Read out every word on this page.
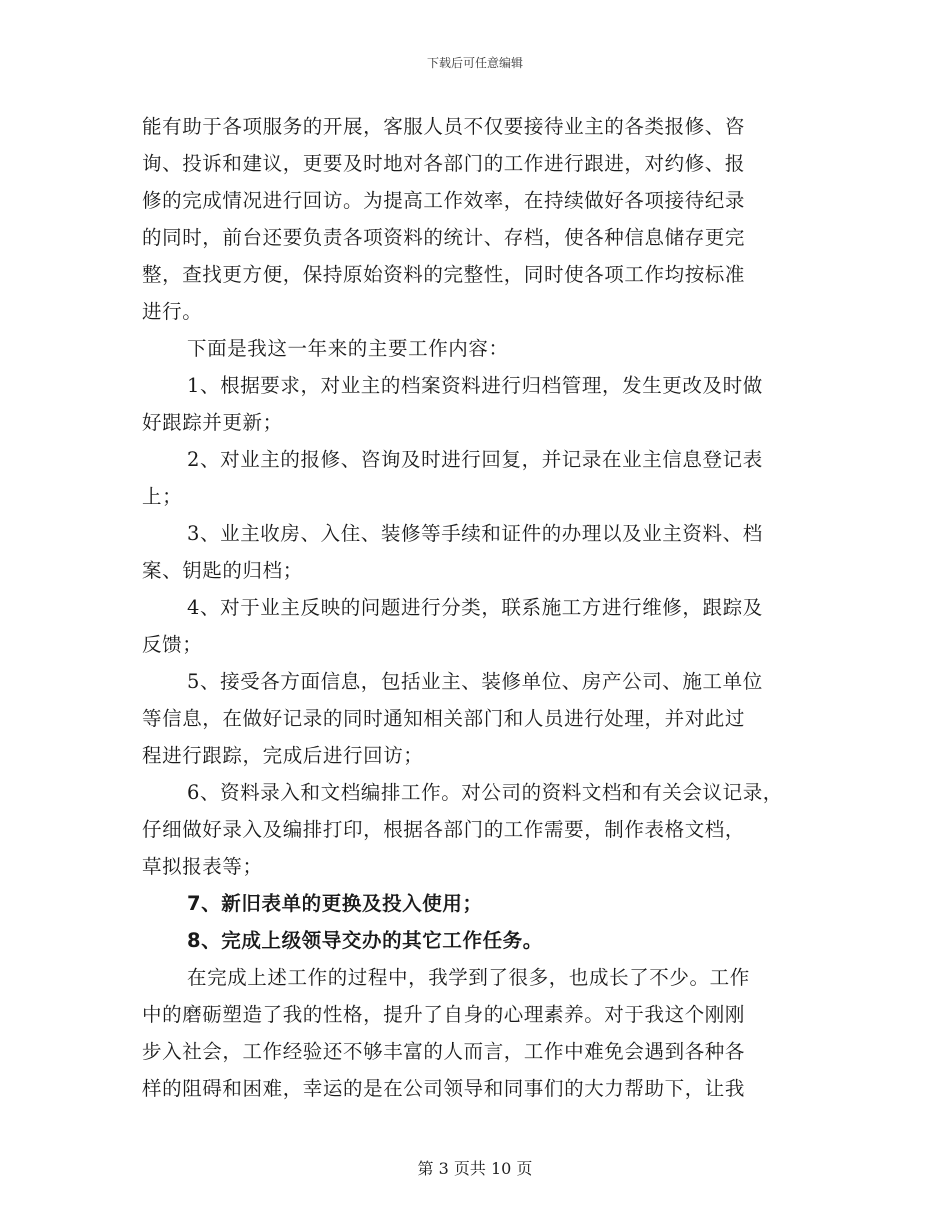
下载后可任意编辑
能有助于各项服务的开展，客服人员不仅要接待业主的各类报修、咨
询、投诉和建议，更要及时地对各部门的工作进行跟进，对约修、报
修的完成情况进行回访。为提高工作效率，在持续做好各项接待纪录
的同时，前台还要负责各项资料的统计、存档，使各种信息储存更完
整，查找更方便，保持原始资料的完整性，同时使各项工作均按标准
进行。
下面是我这一年来的主要工作内容：
1、根据要求，对业主的档案资料进行归档管理，发生更改及时做
好跟踪并更新；
2、对业主的报修、咨询及时进行回复，并记录在业主信息登记表
上；
3、业主收房、入住、装修等手续和证件的办理以及业主资料、档
案、钥匙的归档；
4、对于业主反映的问题进行分类，联系施工方进行维修，跟踪及
反馈；
5、接受各方面信息，包括业主、装修单位、房产公司、施工单位
等信息，在做好记录的同时通知相关部门和人员进行处理，并对此过
程进行跟踪，完成后进行回访；
6、资料录入和文档编排工作。对公司的资料文档和有关会议记录，
仔细做好录入及编排打印，根据各部门的工作需要，制作表格文档，
草拟报表等；
7、新旧表单的更换及投入使用；
8、完成上级领导交办的其它工作任务。
在完成上述工作的过程中，我学到了很多，也成长了不少。工作
中的磨砺塑造了我的性格，提升了自身的心理素养。对于我这个刚刚
步入社会，工作经验还不够丰富的人而言，工作中难免会遇到各种各
样的阻碍和困难，幸运的是在公司领导和同事们的大力帮助下，让我
第 3 页共 10 页
